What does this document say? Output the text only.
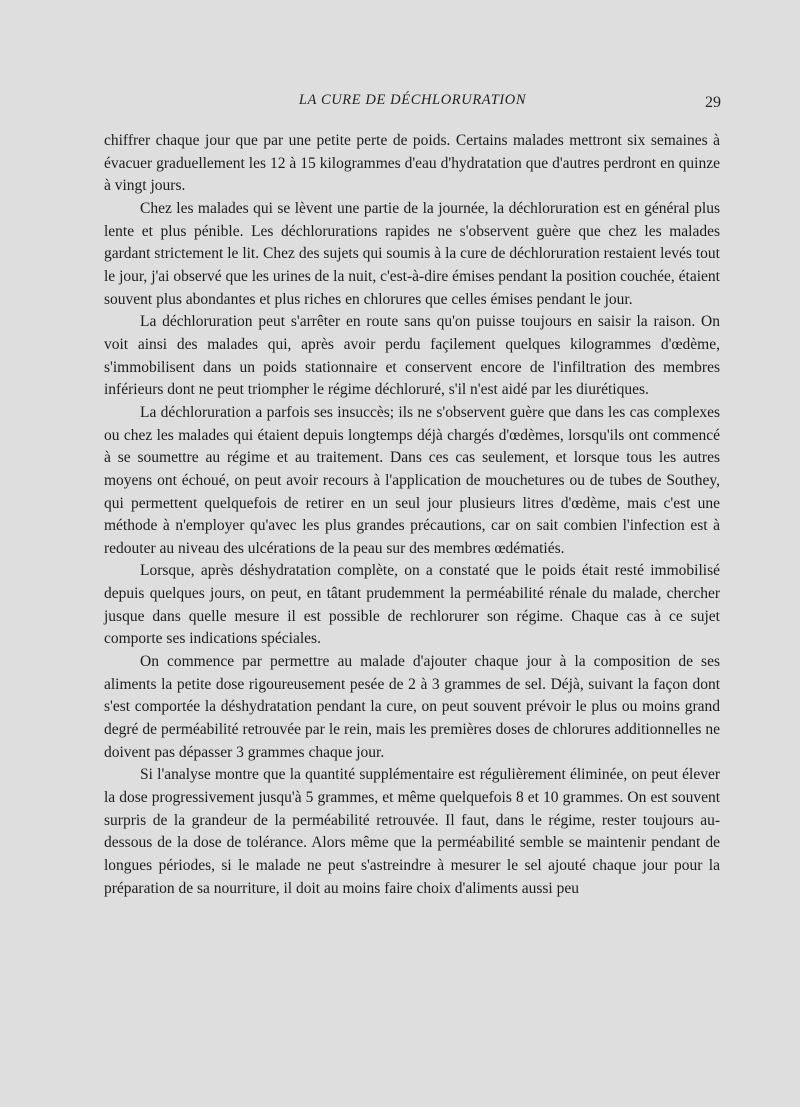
LA CURE DE DÉCHLORURATION	29

chiffrer chaque jour que par une petite perte de poids. Certains malades mettront six semaines à évacuer graduellement les 12 à 15 kilogrammes d'eau d'hydratation que d'autres perdront en quinze à vingt jours.

Chez les malades qui se lèvent une partie de la journée, la déchloruration est en général plus lente et plus pénible. Les déchlorurations rapides ne s'observent guère que chez les malades gardant strictement le lit. Chez des sujets qui soumis à la cure de déchloruration restaient levés tout le jour, j'ai observé que les urines de la nuit, c'est-à-dire émises pendant la position couchée, étaient souvent plus abondantes et plus riches en chlorures que celles émises pendant le jour.

La déchloruration peut s'arrêter en route sans qu'on puisse toujours en saisir la raison. On voit ainsi des malades qui, après avoir perdu façilement quelques kilogrammes d'œdème, s'immobilisent dans un poids stationnaire et conservent encore de l'infiltration des membres inférieurs dont ne peut triompher le régime déchloruré, s'il n'est aidé par les diurétiques.

La déchloruration a parfois ses insuccès; ils ne s'observent guère que dans les cas complexes ou chez les malades qui étaient depuis longtemps déjà chargés d'œdèmes, lorsqu'ils ont commencé à se soumettre au régime et au traitement. Dans ces cas seulement, et lorsque tous les autres moyens ont échoué, on peut avoir recours à l'application de mouchetures ou de tubes de Southey, qui permettent quelquefois de retirer en un seul jour plusieurs litres d'œdème, mais c'est une méthode à n'employer qu'avec les plus grandes précautions, car on sait combien l'infection est à redouter au niveau des ulcérations de la peau sur des membres œdématiés.

Lorsque, après déshydratation complète, on a constaté que le poids était resté immobilisé depuis quelques jours, on peut, en tâtant prudemment la perméabilité rénale du malade, chercher jusque dans quelle mesure il est possible de rechlorurer son régime. Chaque cas à ce sujet comporte ses indications spéciales.

On commence par permettre au malade d'ajouter chaque jour à la composition de ses aliments la petite dose rigoureusement pesée de 2 à 3 grammes de sel. Déjà, suivant la façon dont s'est comportée la déshydratation pendant la cure, on peut souvent prévoir le plus ou moins grand degré de perméabilité retrouvée par le rein, mais les premières doses de chlorures additionnelles ne doivent pas dépasser 3 grammes chaque jour.

Si l'analyse montre que la quantité supplémentaire est régulièrement éliminée, on peut élever la dose progressivement jusqu'à 5 grammes, et même quelquefois 8 et 10 grammes. On est souvent surpris de la grandeur de la perméabilité retrouvée. Il faut, dans le régime, rester toujours au-dessous de la dose de tolérance. Alors même que la perméabilité semble se maintenir pendant de longues périodes, si le malade ne peut s'astreindre à mesurer le sel ajouté chaque jour pour la préparation de sa nourriture, il doit au moins faire choix d'aliments aussi peu
